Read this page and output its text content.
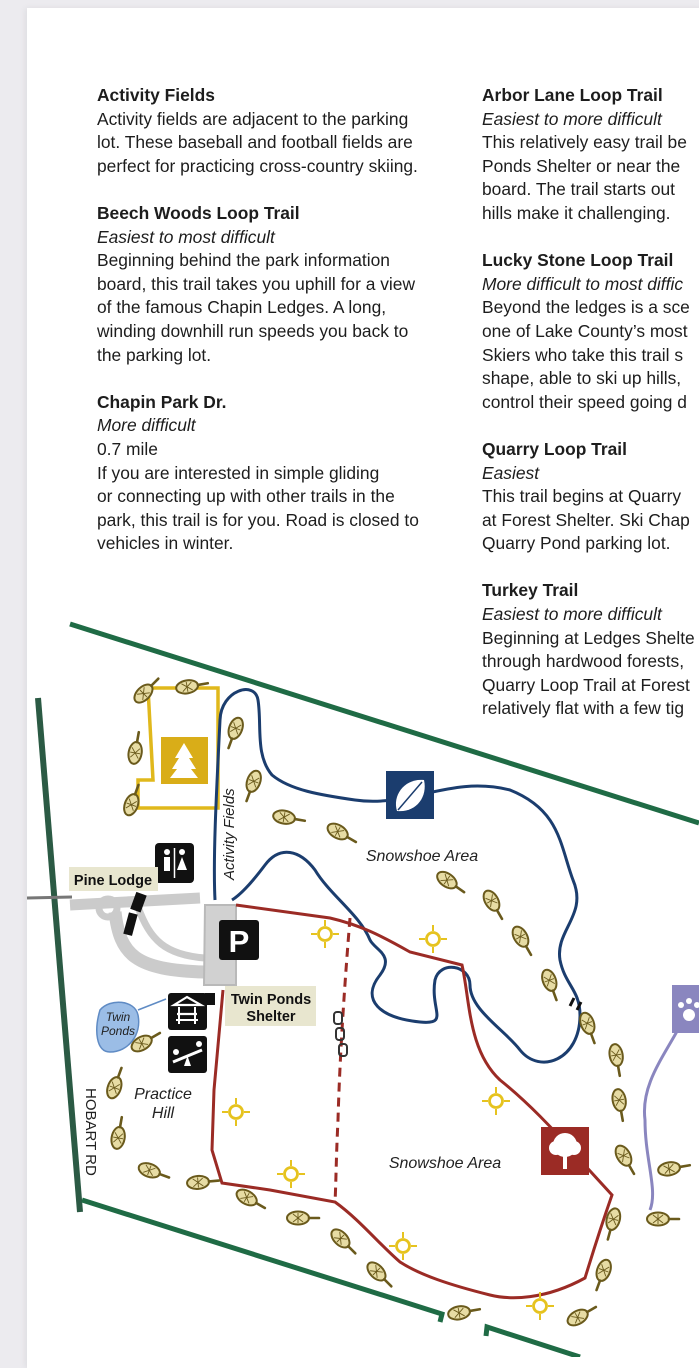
Activity Fields

Activity fields are adjacent to the parking

lot. These baseball and football fields are

perfect for practicing cross-country skiing.

Beech Woods Loop Trail

Easiest to most difficult

Beginning behind the park information

board, this trail takes you uphill for a view

of the famous Chapin Ledges. A long,

winding downhill run speeds you back to

the parking lot.

Chapin Park Dr.

More difficult

0.7 mile

If you are interested in simple gliding

or connecting up with other trails in the

park, this trail is for you. Road is closed to

vehicles in winter.

Arbor Lane Loop Trail

Easiest to more difficult

This relatively easy trail be

Ponds Shelter or near the

board. The trail starts out

hills make it challenging.

Lucky Stone Loop Trail

More difficult to most diffic

Beyond the ledges is a sce

one of Lake County’s most

Skiers who take this trail s

shape, able to ski up hills,

control their speed going d

Quarry Loop Trail

Easiest

This trail begins at Quarry

at Forest Shelter. Ski Chap

Quarry Pond parking lot.

Turkey Trail

Easiest to more difficult

Beginning at Ledges Shelte

through hardwood forests,

Quarry Loop Trail at Forest

relatively flat with a few tig

P
Pine Lodge
Twin Ponds
Shelter
Activity Fields	Snowshoe Area
Snowshoe Area
Twin
Ponds
Practice
Hill
HOBART RD
